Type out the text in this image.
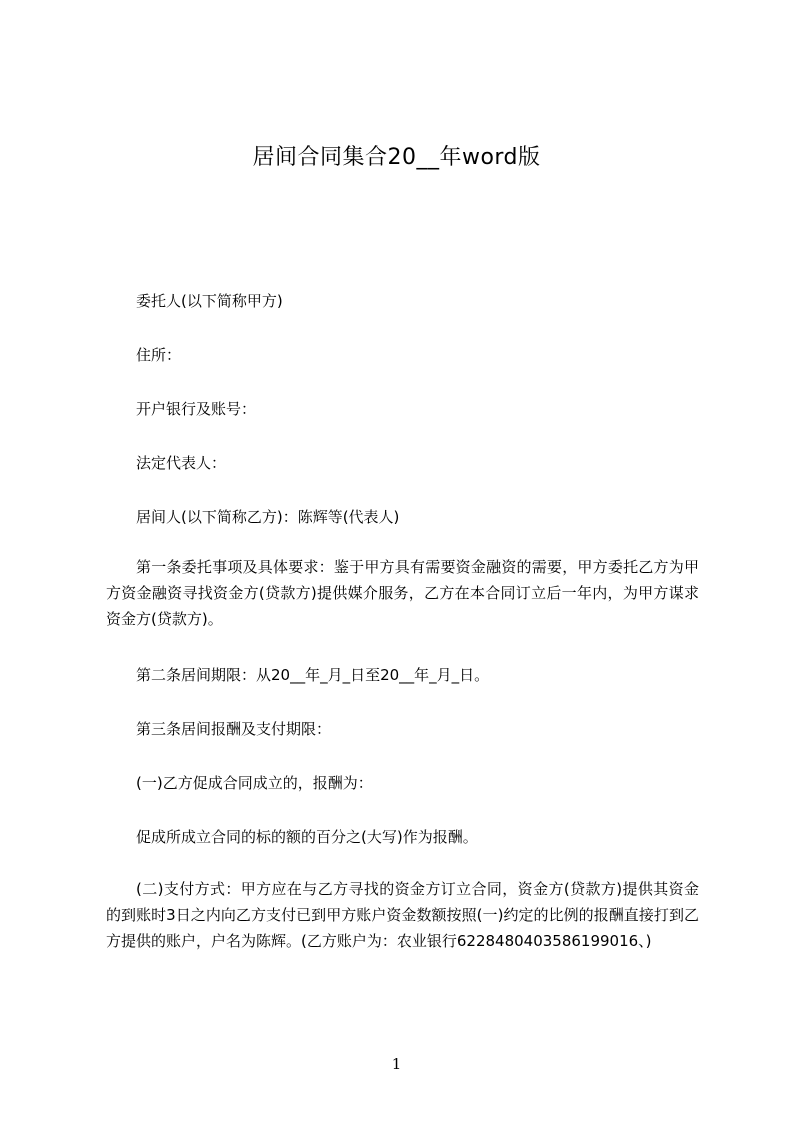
居间合同集合20__年word版
委托人(以下简称甲方)
住所：
开户银行及账号：
法定代表人：
居间人(以下简称乙方)：陈辉等(代表人)
第一条委托事项及具体要求：鉴于甲方具有需要资金融资的需要，甲方委托乙方为甲方资金融资寻找资金方(贷款方)提供媒介服务，乙方在本合同订立后一年内，为甲方谋求资金方(贷款方)。
第二条居间期限：从20__年_月_日至20__年_月_日。
第三条居间报酬及支付期限：
(一)乙方促成合同成立的，报酬为：
促成所成立合同的标的额的百分之(大写)作为报酬。
(二)支付方式：甲方应在与乙方寻找的资金方订立合同，资金方(贷款方)提供其资金的到账时3日之内向乙方支付已到甲方账户资金数额按照(一)约定的比例的报酬直接打到乙方提供的账户，户名为陈辉。(乙方账户为：农业银行6228480403586199016、)
1
